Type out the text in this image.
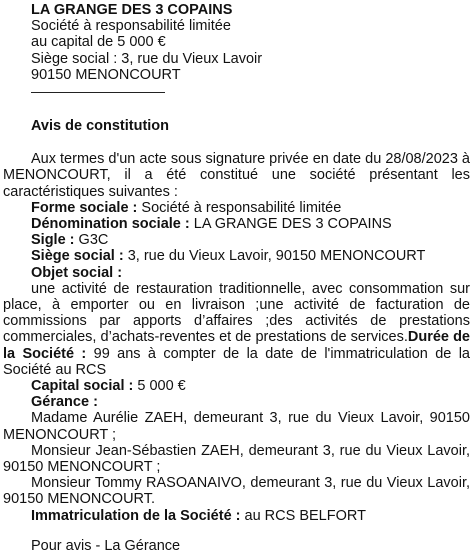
LA GRANGE DES 3 COPAINS
Société à responsabilité limitée
au capital de 5 000 €
Siège social : 3, rue du Vieux Lavoir
90150 MENONCOURT
Avis de constitution

Aux termes d'un acte sous signature privée en date du 28/08/2023 à MENONCOURT, il a été constitué une société présentant les caractéristiques suivantes :

Forme sociale : Société à responsabilité limitée
Dénomination sociale : LA GRANGE DES 3 COPAINS
Sigle : G3C
Siège social : 3, rue du Vieux Lavoir, 90150 MENONCOURT
Objet social :

une activité de restauration traditionnelle, avec consommation sur place, à emporter ou en livraison ;une activité de facturation de commissions par apports d’affaires ;des activités de prestations commerciales, d’achats-reventes et de prestations de services.Durée de la Société : 99 ans à compter de la date de l'immatriculation de la Société au RCS

Capital social : 5 000 €
Gérance :

Madame Aurélie ZAEH, demeurant 3, rue du Vieux Lavoir, 90150 MENONCOURT ;

Monsieur Jean-Sébastien ZAEH, demeurant 3, rue du Vieux Lavoir, 90150 MENONCOURT ;

Monsieur Tommy RASOANAIVO, demeurant 3, rue du Vieux Lavoir, 90150 MENONCOURT.

Immatriculation de la Société : au RCS BELFORT
Pour avis - La Gérance
